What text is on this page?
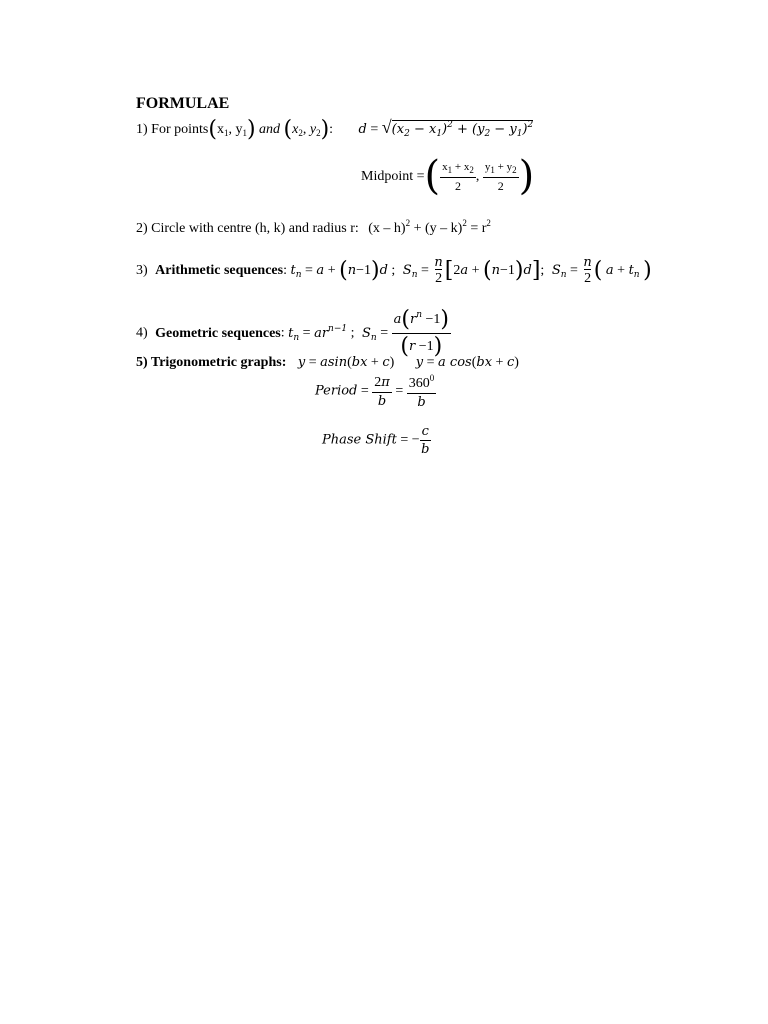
FORMULAE
1) For $points(x_1$, $y_1$) and ($x_2$, $y_2$): $d = √(x_2 - x_1)^2 + (y_2 - y_1)^2$
Midpoint =( $\frac{x_1 + x_2}{2}$ , $\frac{y_1 + y_2}{2}$ )
2) Circle with centre (h, k) and radius r: $(x - h)^2 + (y - k)^2 = r^2$
3) Arithmetic sequences: $t_n = a + (n-1)d$ ; $S_n = \frac{n}{2} [2a + (n-1)d]$; $S_n = \frac{n}{2}$ ( $a + t_n$ )
4) Geometric sequences: $t_n = ar^{n-1}$ ; $S_n = \frac{a(r^n -1)}{(r -1)}$
5) Trigonometric graphs: y = asin(bx + c) y = a cos(bx + c)
Period = $\frac{2\pi}{b} = \frac{360^0}{b}$
Phase Shift = − $\frac{c}{b}$
